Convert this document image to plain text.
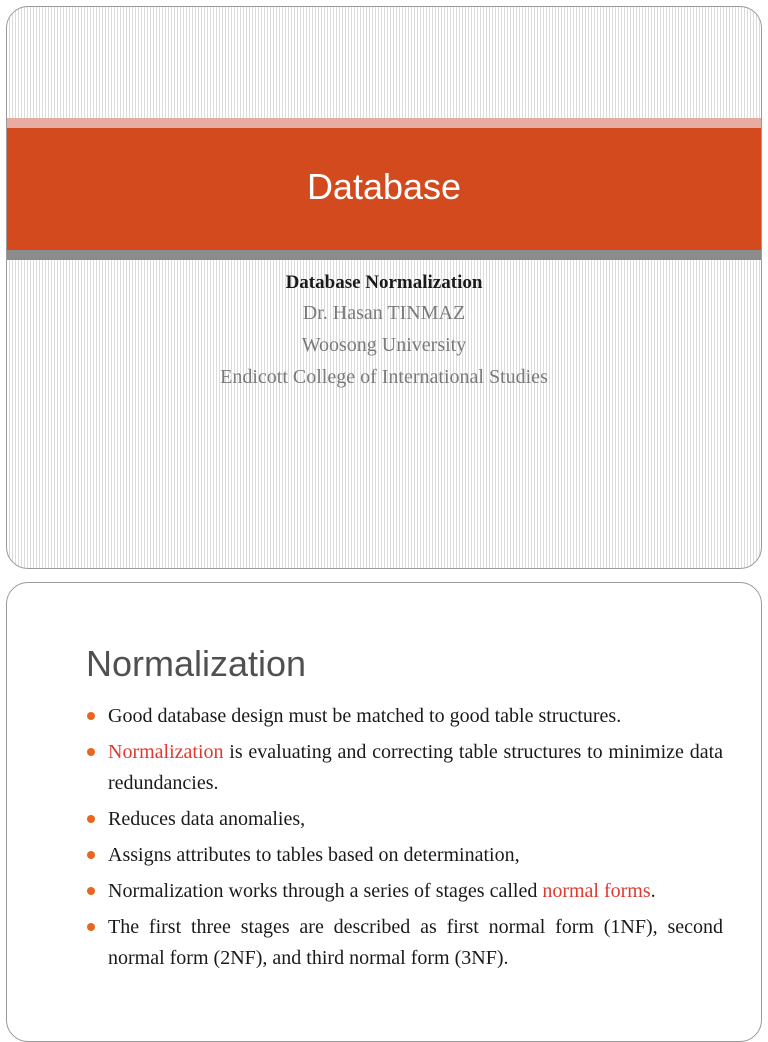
Database
Database Normalization
Dr. Hasan TINMAZ
Woosong University
Endicott College of International Studies
Normalization
Good database design must be matched to good table structures.
Normalization is evaluating and correcting table structures to minimize data redundancies.
Reduces data anomalies,
Assigns attributes to tables based on determination,
Normalization works through a series of stages called normal forms.
The first three stages are described as first normal form (1NF), second normal form (2NF), and third normal form (3NF).
